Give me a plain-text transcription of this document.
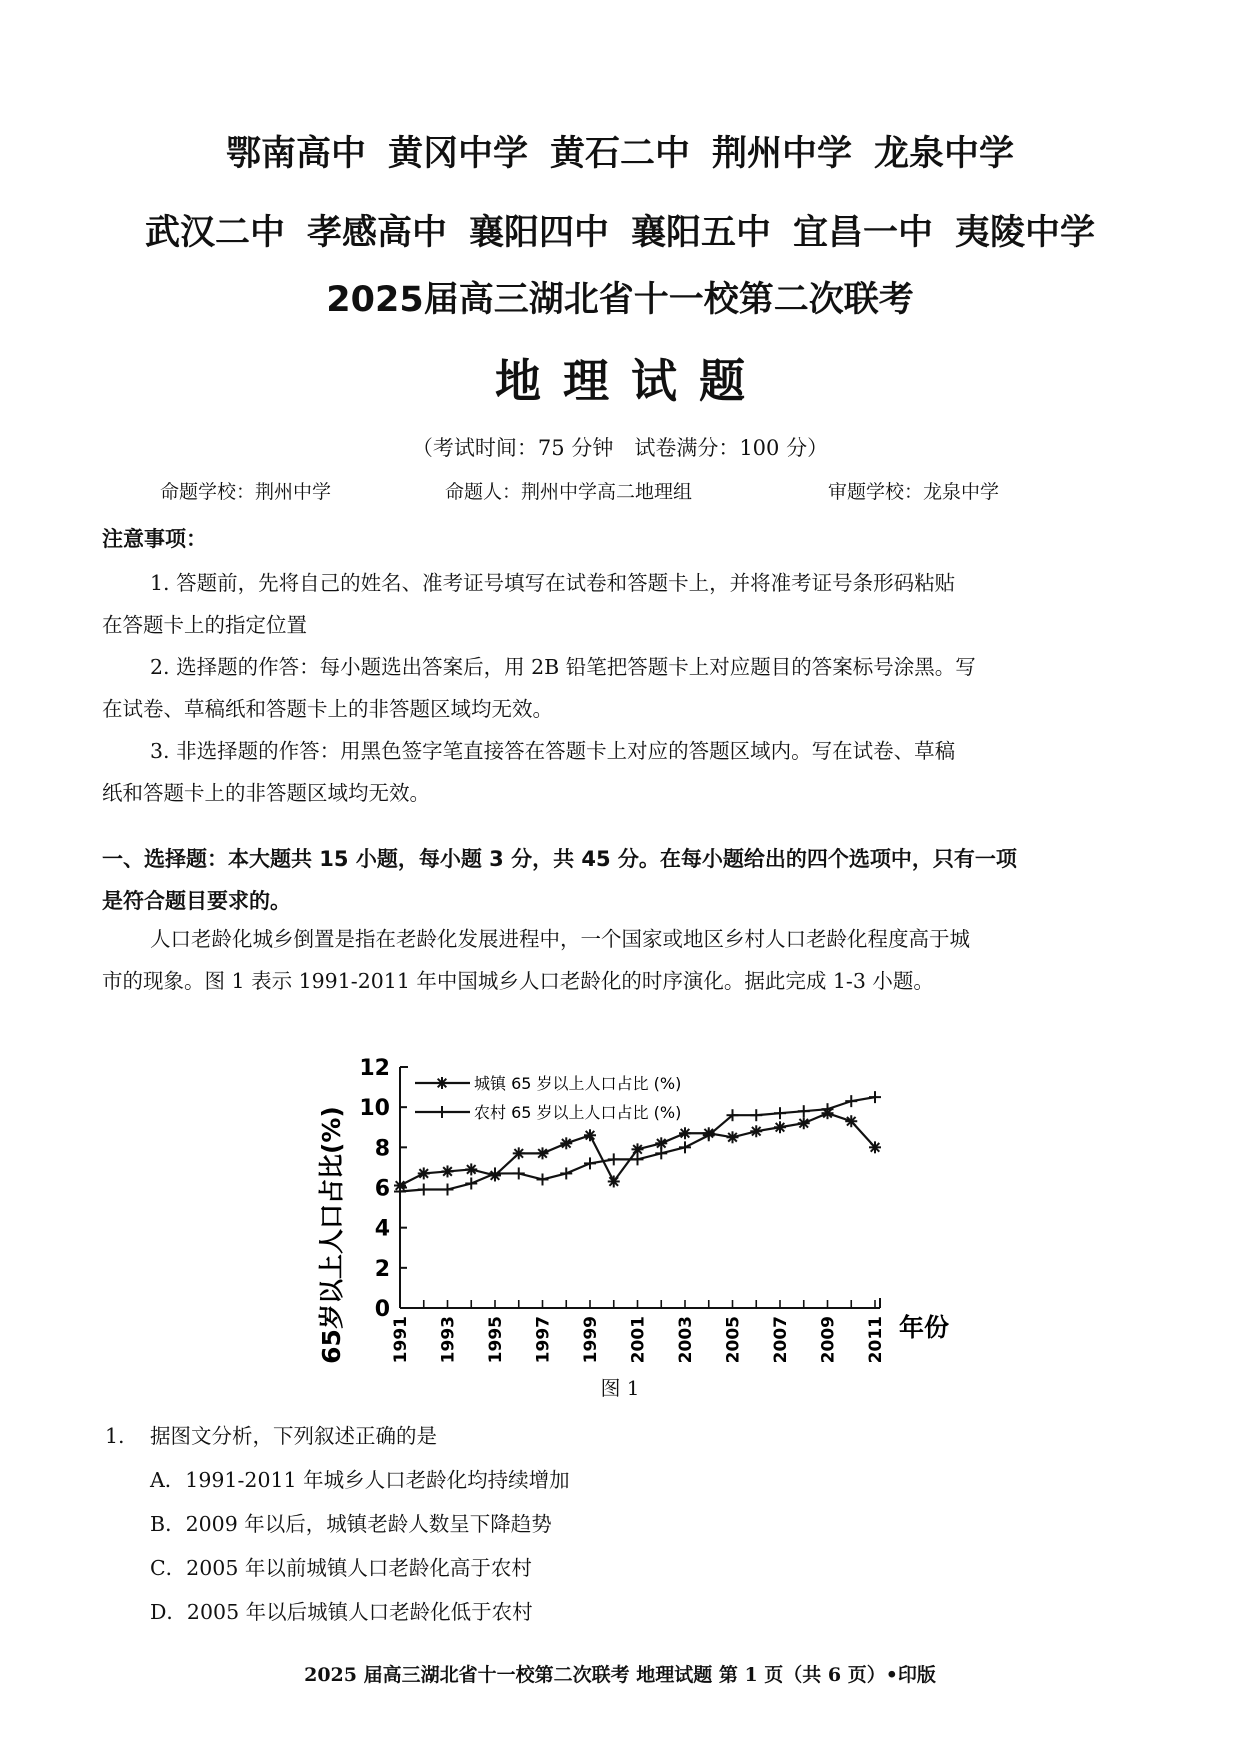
鄂南高中 黄冈中学 黄石二中 荆州中学 龙泉中学
武汉二中 孝感高中 襄阳四中 襄阳五中 宜昌一中 夷陵中学
2025届高三湖北省十一校第二次联考
地理试题
（考试时间：75 分钟　试卷满分：100 分）
命题学校：荆州中学	命题人：荆州中学高二地理组	审题学校：龙泉中学
注意事项：
1. 答题前，先将自己的姓名、准考证号填写在试卷和答题卡上，并将准考证号条形码粘贴
在答题卡上的指定位置
2. 选择题的作答：每小题选出答案后，用 2B 铅笔把答题卡上对应题目的答案标号涂黑。写
在试卷、草稿纸和答题卡上的非答题区域均无效。
3. 非选择题的作答：用黑色签字笔直接答在答题卡上对应的答题区域内。写在试卷、草稿
纸和答题卡上的非答题区域均无效。
一、选择题：本大题共 15 小题，每小题 3 分，共 45 分。在每小题给出的四个选项中，只有一项
是符合题目要求的。
人口老龄化城乡倒置是指在老龄化发展进程中，一个国家或地区乡村人口老龄化程度高于城
市的现象。图 1 表示 1991-2011 年中国城乡人口老龄化的时序演化。据此完成 1-3 小题。
0
2
4
6
8
10
12
1991 1993 1995 1997 1999 2001 2003 2005 2007 2009 2011
城镇 65 岁以上人口占比 (%)
农村 65 岁以上人口占比 (%)
65岁以上人口占比(%)	年份
图 1
1. 据图文分析，下列叙述正确的是
A．1991-2011 年城乡人口老龄化均持续增加
B．2009 年以后，城镇老龄人数呈下降趋势
C．2005 年以前城镇人口老龄化高于农村
D．2005 年以后城镇人口老龄化低于农村
2025 届高三湖北省十一校第二次联考 地理试题 第 1 页（共 6 页）•印版
